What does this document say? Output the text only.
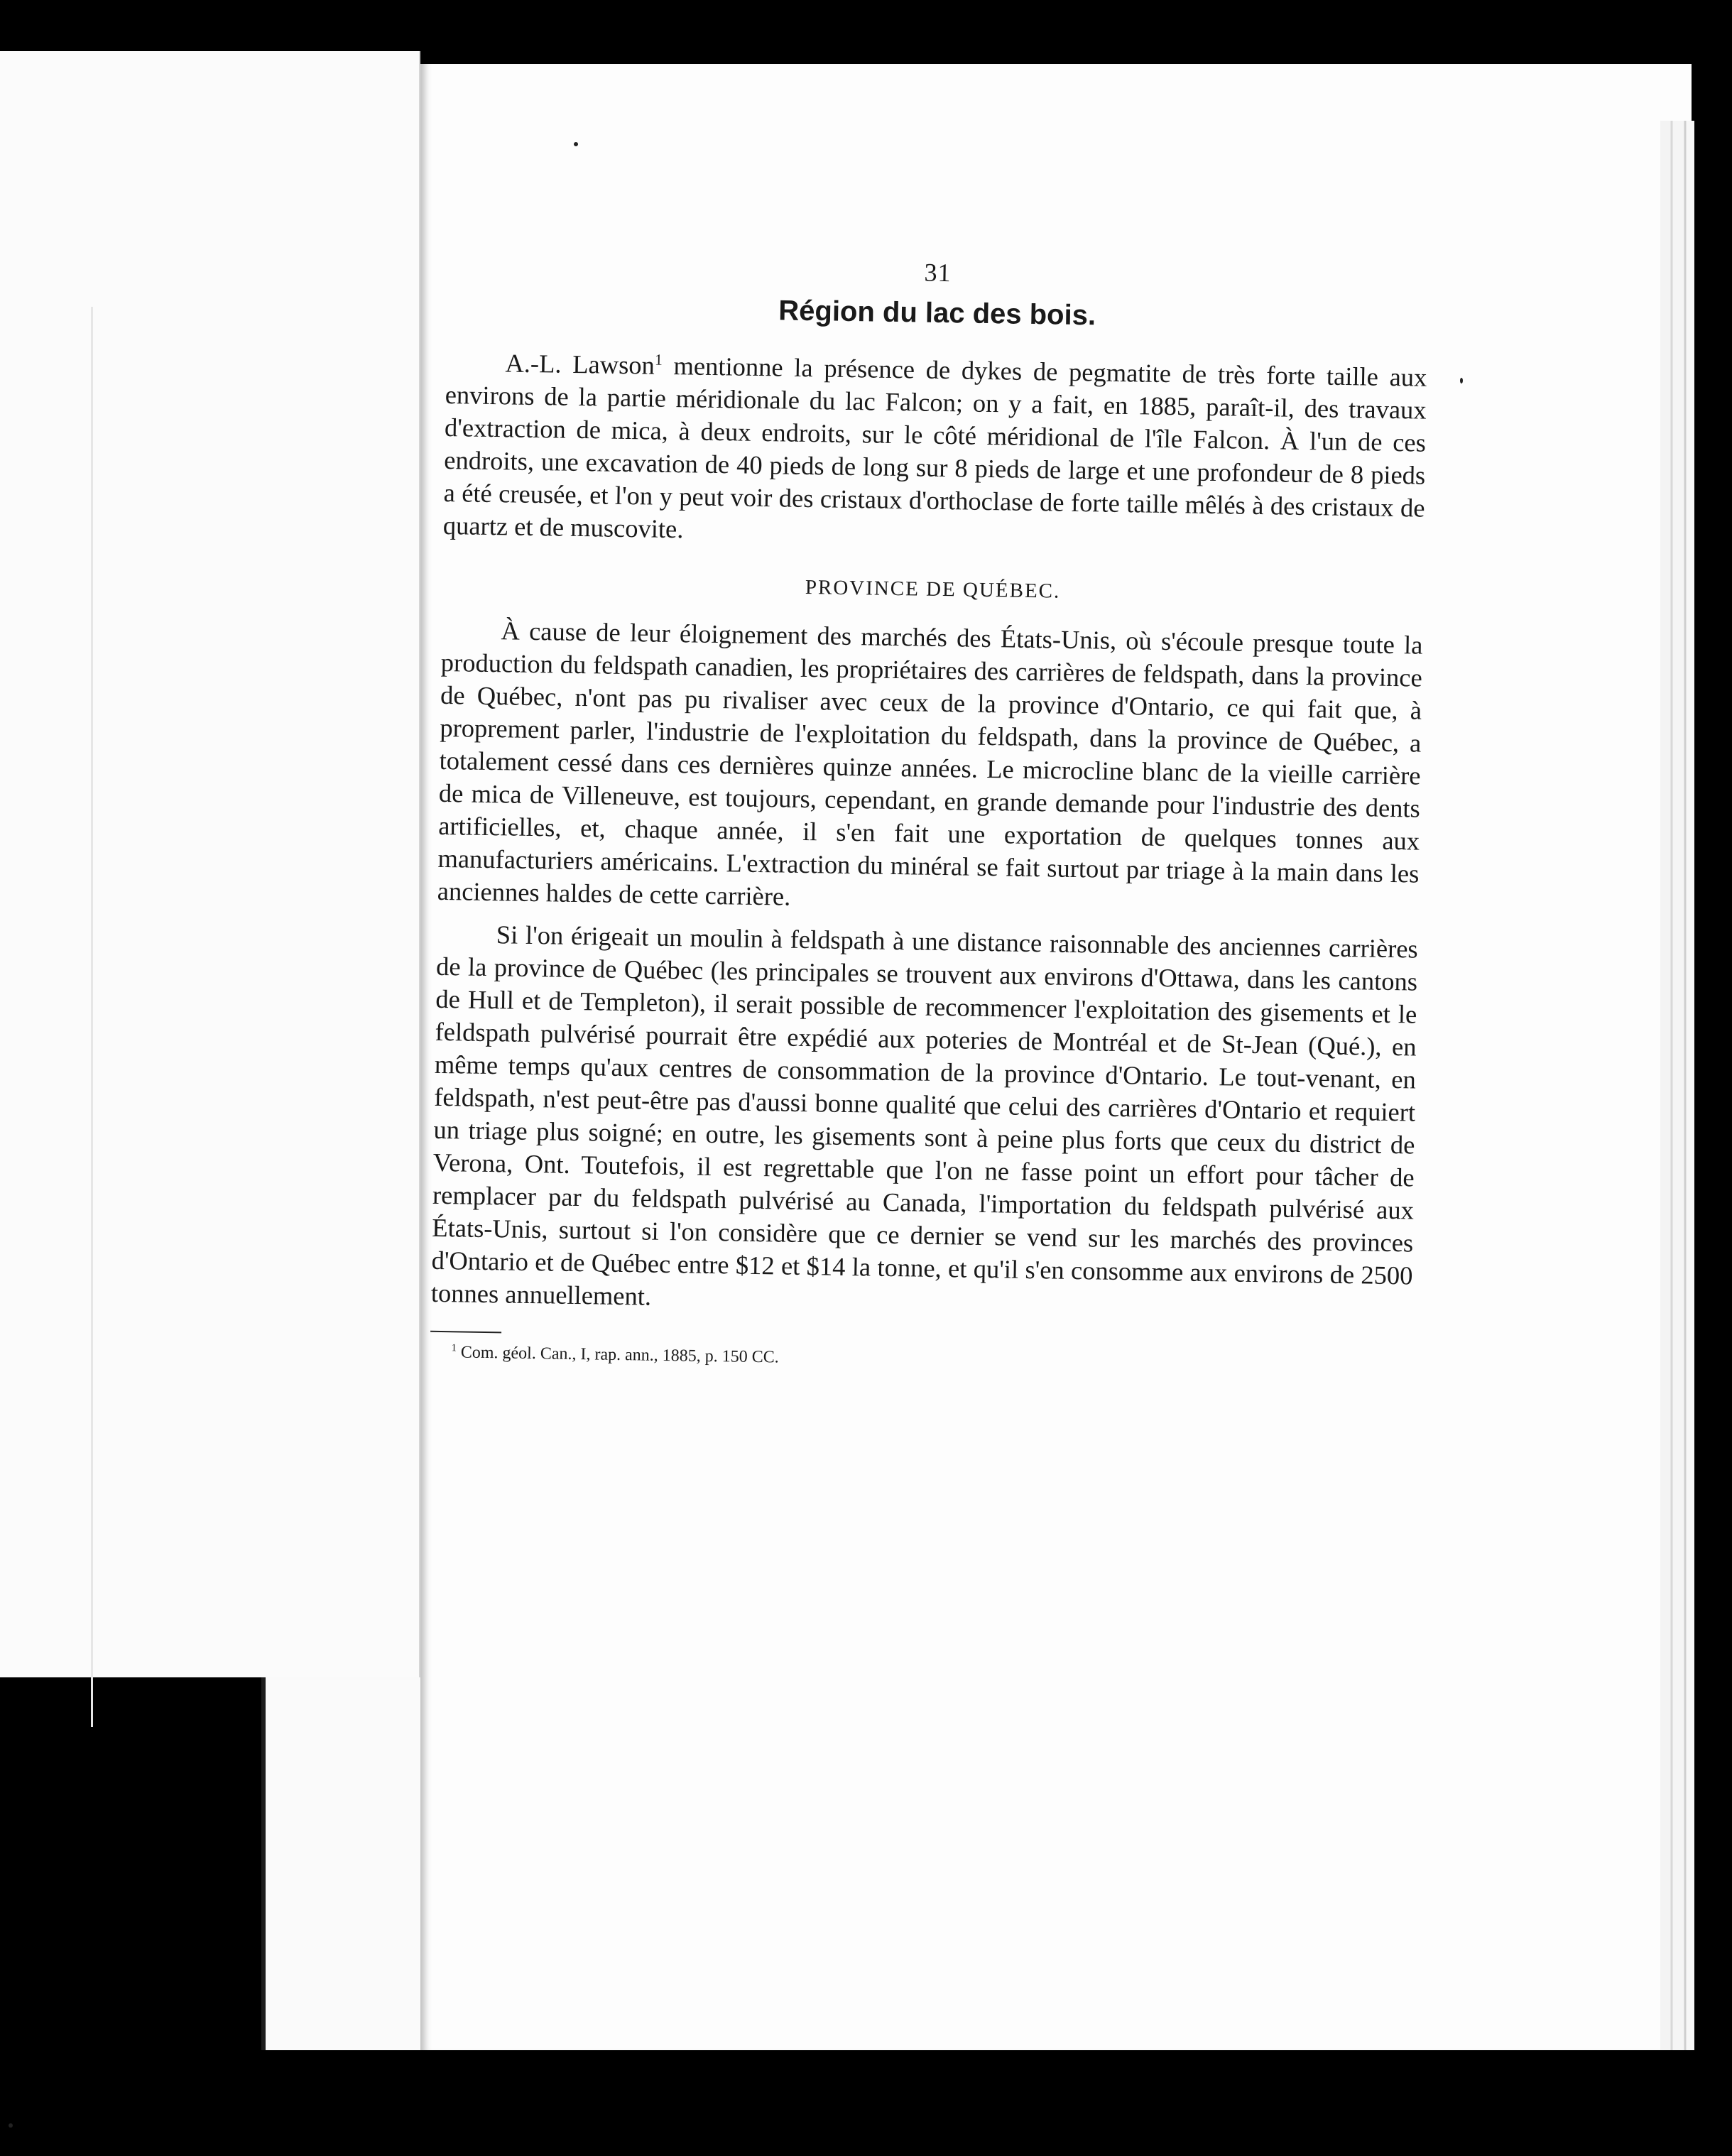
31
Région du lac des bois.

A.-L. Lawson$^1$ mentionne la présence de dykes de pegmatite de très forte taille aux environs de la partie méridionale du lac Falcon; on y a fait, en 1885, paraît-il, des travaux d'extraction de mica, à deux endroits, sur le côté méridional de l'île Falcon. À l'un de ces endroits, une excavation de 40 pieds de long sur 8 pieds de large et une profondeur de 8 pieds a été creusée, et l'on y peut voir des cristaux d'orthoclase de forte taille mêlés à des cristaux de quartz et de muscovite.

PROVINCE DE QUÉBEC.

À cause de leur éloignement des marchés des États-Unis, où s'écoule presque toute la production du feldspath canadien, les propriétaires des carrières de feldspath, dans la province de Québec, n'ont pas pu rivaliser avec ceux de la province d'Ontario, ce qui fait que, à proprement parler, l'industrie de l'exploitation du feldspath, dans la province de Québec, a totalement cessé dans ces dernières quinze années. Le microcline blanc de la vieille carrière de mica de Villeneuve, est toujours, cependant, en grande demande pour l'industrie des dents artificielles, et, chaque année, il s'en fait une exportation de quelques tonnes aux manufacturiers américains. L'extraction du minéral se fait surtout par triage à la main dans les anciennes haldes de cette carrière.

Si l'on érigeait un moulin à feldspath à une distance raisonnable des anciennes carrières de la province de Québec (les principales se trouvent aux environs d'Ottawa, dans les cantons de Hull et de Templeton), il serait possible de recommencer l'exploitation des gisements et le feldspath pulvérisé pourrait être expédié aux poteries de Montréal et de St-Jean (Qué.), en même temps qu'aux centres de consommation de la province d'Ontario. Le tout-venant, en feldspath, n'est peut-être pas d'aussi bonne qualité que celui des carrières d'Ontario et requiert un triage plus soigné; en outre, les gisements sont à peine plus forts que ceux du district de Verona, Ont. Toutefois, il est regrettable que l'on ne fasse point un effort pour tâcher de remplacer par du feldspath pulvérisé au Canada, l'importation du feldspath pulvérisé aux États-Unis, surtout si l'on considère que ce dernier se vend sur les marchés des provinces d'Ontario et de Québec entre $12 et $14 la tonne, et qu'il s'en consomme aux environs de 2500 tonnes annuellement.

$^1$ Com. géol. Can., I, rap. ann., 1885, p. 150 CC.
